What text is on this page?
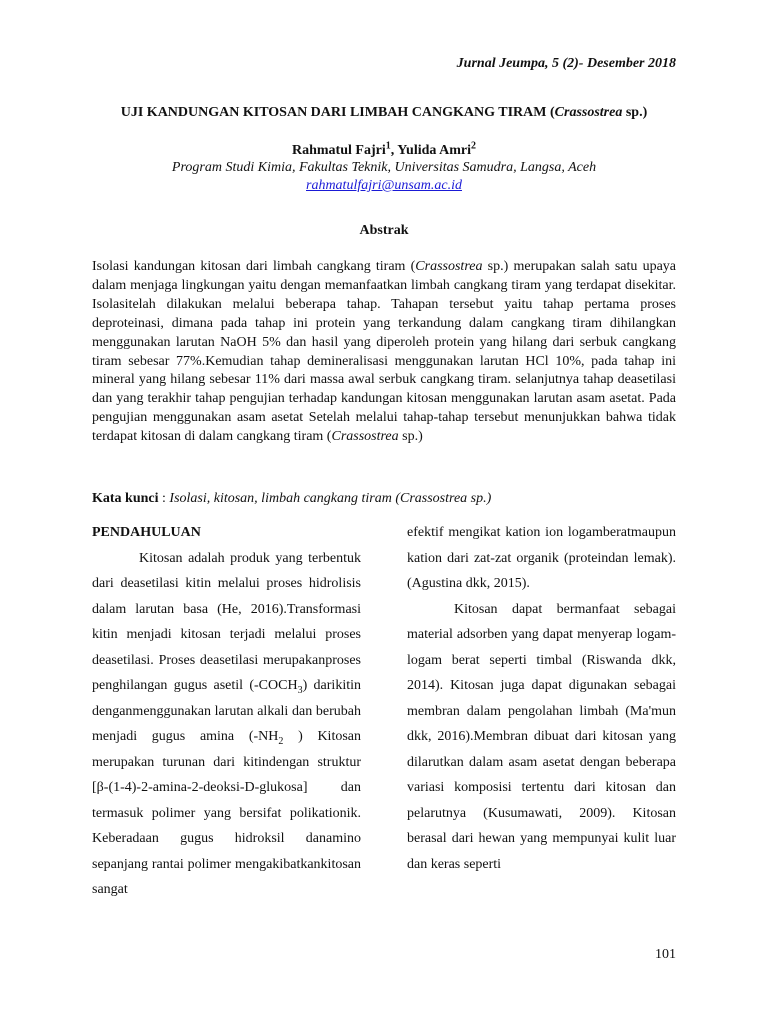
Jurnal Jeumpa, 5 (2)- Desember 2018
UJI KANDUNGAN KITOSAN DARI LIMBAH CANGKANG TIRAM (Crassostrea sp.)
Rahmatul Fajri$^1$, Yulida Amri$^2$
Program Studi Kimia, Fakultas Teknik, Universitas Samudra, Langsa, Aceh
rahmatulfajri@unsam.ac.id
Abstrak
Isolasi kandungan kitosan dari limbah cangkang tiram (Crassostrea sp.) merupakan salah satu upaya dalam menjaga lingkungan yaitu dengan memanfaatkan limbah cangkang tiram yang terdapat disekitar. Isolasitelah dilakukan melalui beberapa tahap. Tahapan tersebut yaitu tahap pertama proses deproteinasi, dimana pada tahap ini protein yang terkandung dalam cangkang tiram dihilangkan menggunakan larutan NaOH 5% dan hasil yang diperoleh protein yang hilang dari serbuk cangkang tiram sebesar 77%.Kemudian tahap demineralisasi menggunakan larutan HCl 10%, pada tahap ini mineral yang hilang sebesar 11% dari massa awal serbuk cangkang tiram. selanjutnya tahap deasetilasi dan yang terakhir tahap pengujian terhadap kandungan kitosan menggunakan larutan asam asetat. Pada pengujian menggunakan asam asetat Setelah melalui tahap-tahap tersebut menunjukkan bahwa tidak terdapat kitosan di dalam cangkang tiram (Crassostrea sp.)
Kata kunci : Isolasi, kitosan, limbah cangkang tiram (Crassostrea sp.)

PENDAHULUAN

Kitosan adalah produk yang terbentuk dari deasetilasi kitin melalui proses hidrolisis dalam larutan basa (He, 2016).Transformasi kitin menjadi kitosan terjadi melalui proses deasetilasi. Proses deasetilasi merupakanproses penghilangan gugus asetil $(-COCH_3)$ darikitin denganmenggunakan larutan alkali dan berubah menjadi gugus amina ($-NH_2$ ) Kitosan merupakan turunan dari kitindengan struktur [β-(1-4)-2-amina-2-deoksi-D-glukosa] dan termasuk polimer yang bersifat polikationik. Keberadaan gugus hidroksil danamino sepanjang rantai polimer mengakibatkankitosan sangat

efektif mengikat kation ion logamberatmaupun kation dari zat-zat organik (proteindan lemak).(Agustina dkk, 2015).

Kitosan dapat bermanfaat sebagai material adsorben yang dapat menyerap logam-logam berat seperti timbal (Riswanda dkk, 2014). Kitosan juga dapat digunakan sebagai membran dalam pengolahan limbah (Ma'mun dkk, 2016).Membran dibuat dari kitosan yang dilarutkan dalam asam asetat dengan beberapa variasi komposisi tertentu dari kitosan dan pelarutnya (Kusumawati, 2009). Kitosan berasal dari hewan yang mempunyai kulit luar dan keras seperti

101
